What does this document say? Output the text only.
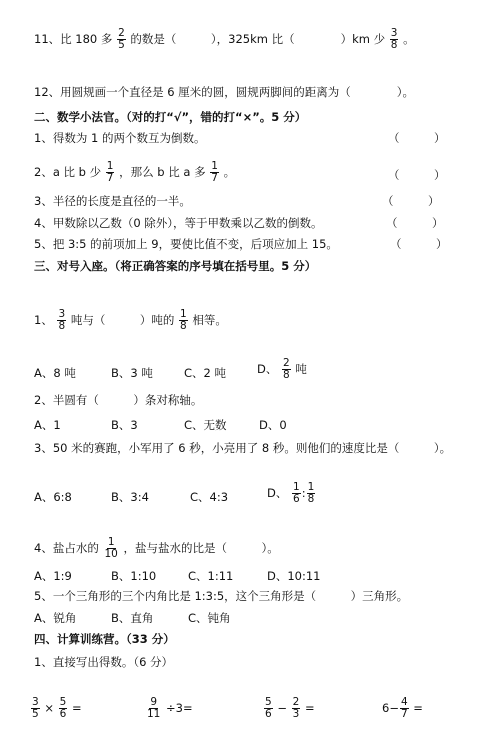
11、比 180 多 $\frac{2}{5}$ 的数是（　　　），325km 比（　　　　）km 少 $\frac{3}{8}$ 。
12、用圆规画一个直径是 6 厘米的圆，圆规两脚间的距离为（　　　　）。
二、数学小法官。（对的打“√”，错的打“×”。5 分）
1、得数为 1 的两个数互为倒数。	（　　　）
2、a 比 b 少 $\frac{1}{7}$ ，那么 b 比 a 多 $\frac{1}{7}$ 。	（　　　）
3、半径的长度是直径的一半。	（　　　）
4、甲数除以乙数（0 除外），等于甲数乘以乙数的倒数。	（　　　）
5、把 3:5 的前项加上 9，要使比值不变，后项应加上 15。	（　　　）
三、对号入座。（将正确答案的序号填在括号里。5 分）
1、 $\frac{3}{8}$ 吨与（　　　）吨的 $\frac{1}{8}$ 相等。
A、8 吨	B、3 吨	C、2 吨	D、 $\frac{2}{8}$ 吨
2、半圆有（　　　）条对称轴。
A、1	B、3	C、无数	D、0
3、50 米的赛跑，小军用了 6 秒，小亮用了 8 秒。则他们的速度比是（　　　）。
A、6:8	B、3:4	C、4:3	D、 $\frac{1}{6}$ : $\frac{1}{8}$
4、盐占水的 $\frac{1}{10}$ ，盐与盐水的比是（　　　）。
A、1:9	B、1:10	C、1:11	D、10:11
5、一个三角形的三个内角比是 1:3:5，这个三角形是（　　　）三角形。
A、锐角	B、直角	C、钝角
四、计算训练营。（33 分）
1、直接写出得数。（6 分）
$\frac{3}{5} \times \frac{5}{6}$ =	$\frac{9}{11} \div 3=$	$\frac{5}{6} - \frac{2}{3}$ =	$6- \frac{4}{7}$ =
